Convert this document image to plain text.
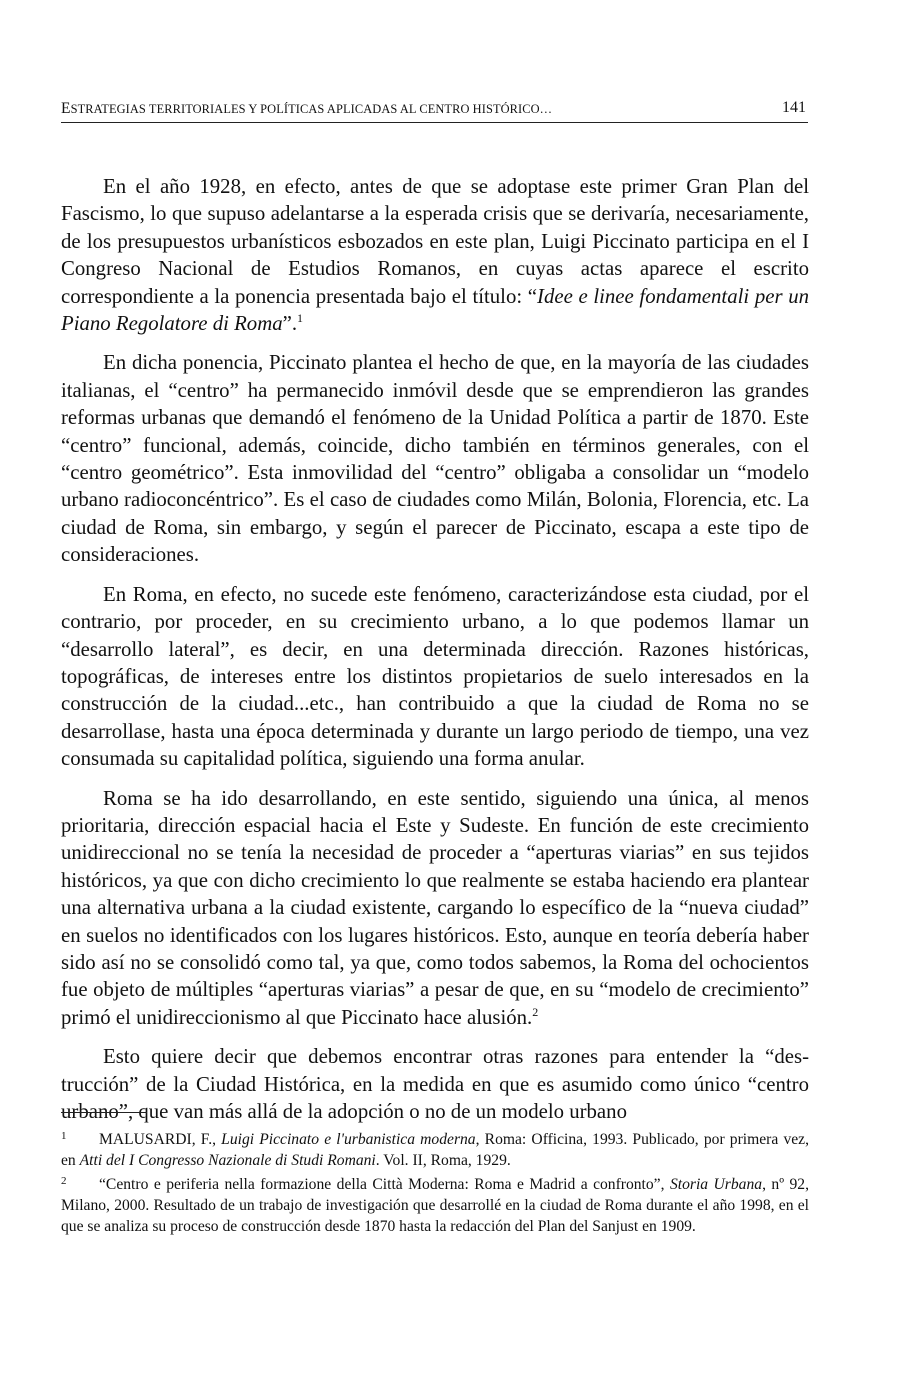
ESTRATEGIAS TERRITORIALES Y POLÍTICAS APLICADAS AL CENTRO HISTÓRICO…	141

En el año 1928, en efecto, antes de que se adoptase este primer Gran Plan del Fascismo, lo que supuso adelantarse a la esperada crisis que se derivaría, necesariamente, de los presupuestos urbanísticos esbozados en este plan, Luigi Piccinato participa en el I Congreso Nacional de Estudios Romanos, en cuyas actas aparece el escrito correspondiente a la ponencia presentada bajo el título: “Idee e linee fondamentali per un Piano Regolatore di Roma”.$^1$

En dicha ponencia, Piccinato plantea el hecho de que, en la mayoría de las ciudades italianas, el “centro” ha permanecido inmóvil desde que se emprendieron las grandes reformas urbanas que demandó el fenómeno de la Unidad Política a partir de 1870. Este “centro” funcional, además, coincide, dicho también en términos generales, con el “centro geométrico”. Esta inmovilidad del “centro” obligaba a consolidar un “modelo urbano radioconcéntrico”. Es el caso de ciudades como Milán, Bolonia, Florencia, etc. La ciudad de Roma, sin embargo, y según el parecer de Piccinato, escapa a este tipo de consideraciones.

En Roma, en efecto, no sucede este fenómeno, caracterizándose esta ciudad, por el contrario, por proceder, en su crecimiento urbano, a lo que podemos llamar un “desarrollo lateral”, es decir, en una determinada dirección. Razones históricas, topográficas, de intereses entre los distintos propietarios de suelo interesados en la construcción de la ciudad...etc., han contribuido a que la ciudad de Roma no se desarrollase, hasta una época determinada y durante un largo periodo de tiempo, una vez consumada su capitalidad política, siguiendo una forma anular.

Roma se ha ido desarrollando, en este sentido, siguiendo una única, al menos prioritaria, dirección espacial hacia el Este y Sudeste. En función de este crecimiento unidireccional no se tenía la necesidad de proceder a “aperturas viarias” en sus tejidos históricos, ya que con dicho crecimiento lo que realmente se estaba haciendo era plantear una alternativa urbana a la ciudad existente, cargando lo específico de la “nueva ciudad” en suelos no identificados con los lugares históricos. Esto, aunque en teoría debería haber sido así no se consolidó como tal, ya que, como todos sabemos, la Roma del ochocientos fue objeto de múltiples “aperturas viarias” a pesar de que, en su “modelo de crecimiento” primó el unidireccionismo al que Piccinato hace alusión.$^2$

Esto quiere decir que debemos encontrar otras razones para entender la “destrucción” de la Ciudad Histórica, en la medida en que es asumido como único “centro urbano”, que van más allá de la adopción o no de un modelo urbano

1 MALUSARDI, F., Luigi Piccinato e l'urbanistica moderna, Roma: Officina, 1993. Publicado, por primera vez, en Atti del I Congresso Nazionale di Studi Romani. Vol. II, Roma, 1929.

2 “Centro e periferia nella formazione della Città Moderna: Roma e Madrid a confronto”, Storia Urbana, nº 92, Milano, 2000. Resultado de un trabajo de investigación que desarrollé en la ciudad de Roma durante el año 1998, en el que se analiza su proceso de construcción desde 1870 hasta la redacción del Plan del Sanjust en 1909.
